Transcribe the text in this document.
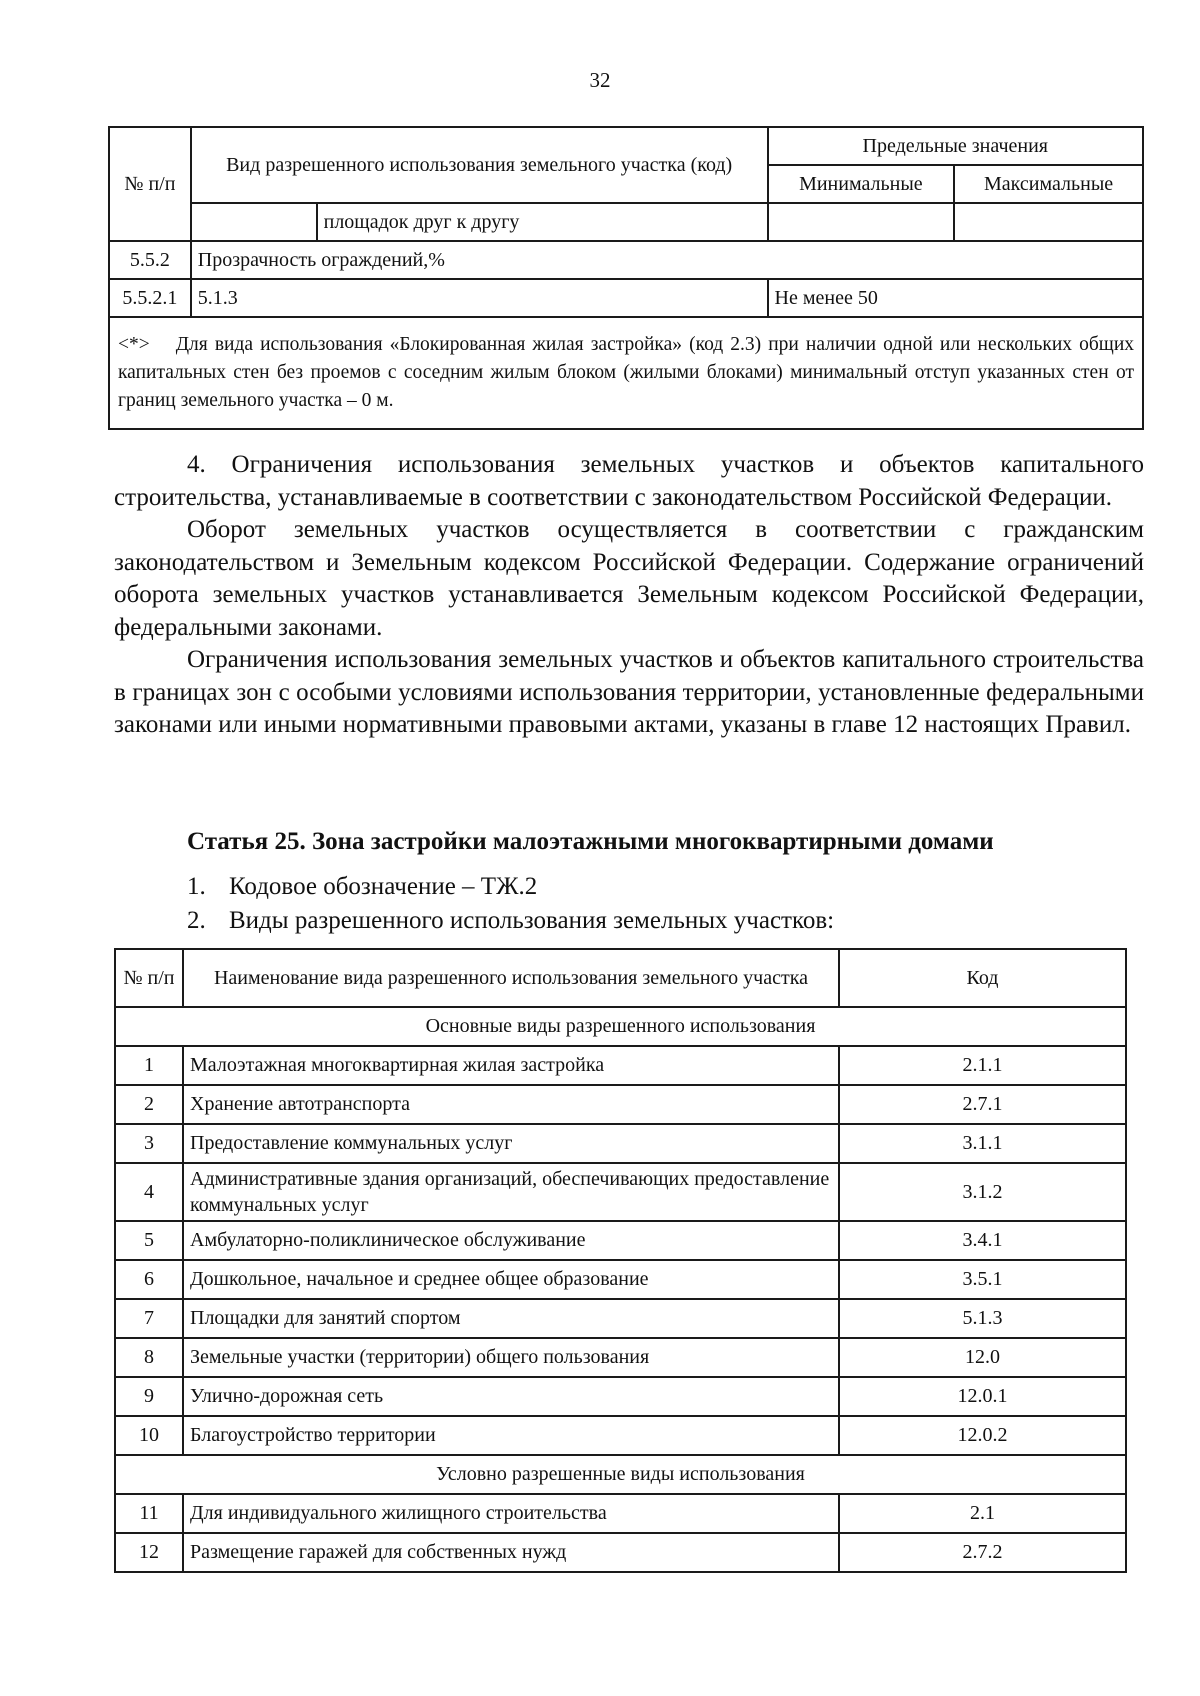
32
№ п/п	Вид разрешенного использования земельного участка (код)		Предельные значения	
			Минимальные	Максимальные
		площадок друг к другу		
5.5.2	Прозрачность ограждений,%			
5.5.2.1	5.1.3		Не менее 50	
<*> Для вида использования «Блокированная жилая застройка» (код 2.3) при наличии одной или нескольких общих капитальных стен без проемов с соседним жилым блоком (жилыми блоками) минимальный отступ указанных стен от границ земельного участка – 0 м.				

4. Ограничения использования земельных участков и объектов капитального строительства, устанавливаемые в соответствии с законодательством Российской Федерации.

Оборот земельных участков осуществляется в соответствии с гражданским законодательством и Земельным кодексом Российской Федерации. Содержание ограничений оборота земельных участков устанавливается Земельным кодексом Российской Федерации, федеральными законами.

Ограничения использования земельных участков и объектов капитального строительства в границах зон с особыми условиями использования территории, установленные федеральными законами или иными нормативными правовыми актами, указаны в главе 12 настоящих Правил.

Статья 25. Зона застройки малоэтажными многоквартирными домами
1. Кодовое обозначение – ТЖ.2
2. Виды разрешенного использования земельных участков:
№ п/п	Наименование вида разрешенного использования земельного участка	Код
Основные виды разрешенного использования		
1	Малоэтажная многоквартирная жилая застройка	2.1.1
2	Хранение автотранспорта	2.7.1
3	Предоставление коммунальных услуг	3.1.1
4	Административные здания организаций, обеспечивающих предоставление коммунальных услуг	3.1.2
5	Амбулаторно-поликлиническое обслуживание	3.4.1
6	Дошкольное, начальное и среднее общее образование	3.5.1
7	Площадки для занятий спортом	5.1.3
8	Земельные участки (территории) общего пользования	12.0
9	Улично-дорожная сеть	12.0.1
10	Благоустройство территории	12.0.2
Условно разрешенные виды использования		
11	Для индивидуального жилищного строительства	2.1
12	Размещение гаражей для собственных нужд	2.7.2
